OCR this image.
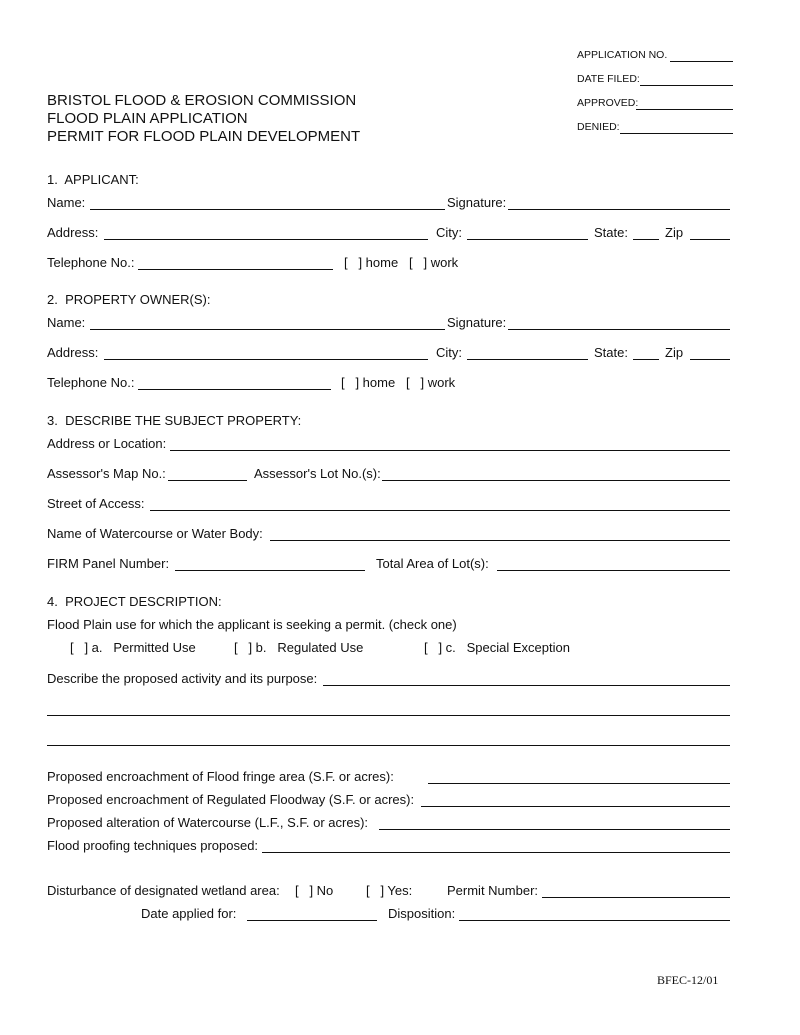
APPLICATION NO.
DATE FILED:
APPROVED:
DENIED:
BRISTOL FLOOD & EROSION COMMISSION
FLOOD PLAIN APPLICATION
PERMIT FOR FLOOD PLAIN DEVELOPMENT
1.  APPLICANT:
Name:	Signature:
Address:	City:	State:	Zip
Telephone No.:	[   ] home   [   ] work
2.  PROPERTY OWNER(S):
Name:	Signature:
Address:	City:	State:	Zip
Telephone No.:	[   ] home   [   ] work
3.  DESCRIBE THE SUBJECT PROPERTY:
Address or Location:
Assessor's Map No.:	Assessor's Lot No.(s):
Street of Access:
Name of Watercourse or Water Body:
FIRM Panel Number:	Total Area of Lot(s):
4.  PROJECT DESCRIPTION:
Flood Plain use for which the applicant is seeking a permit. (check one)
[   ] a.   Permitted Use	[   ] b.   Regulated Use	[   ] c.   Special Exception
Describe the proposed activity and its purpose:
Proposed encroachment of Flood fringe area (S.F. or acres):
Proposed encroachment of Regulated Floodway (S.F. or acres):
Proposed alteration of Watercourse (L.F., S.F. or acres):
Flood proofing techniques proposed:
Disturbance of designated wetland area: [   ] No	[   ] Yes:	Permit Number:
Date applied for:	Disposition:
BFEC-12/01
